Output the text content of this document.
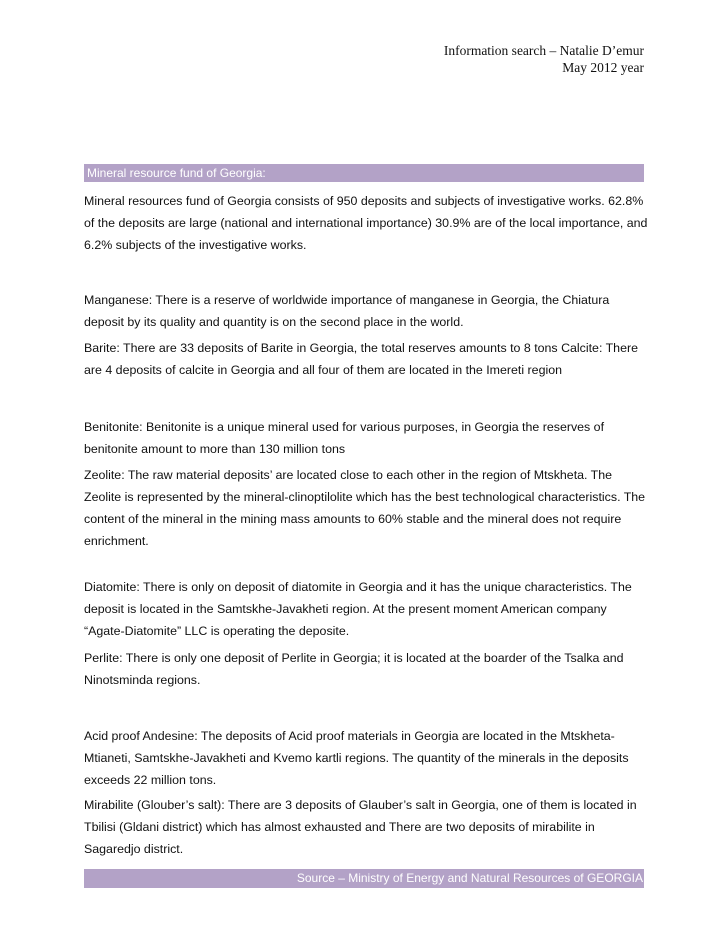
Information search – Natalie D’emur
May 2012 year
Mineral resource fund of Georgia:

Mineral resources fund of Georgia consists of 950 deposits and subjects of investigative works. 62.8% of the deposits are large (national and international importance) 30.9% are of the local importance, and 6.2% subjects of the investigative works.

Manganese: There is a reserve of worldwide importance of manganese in Georgia, the Chiatura deposit by its quality and quantity is on the second place in the world.

Barite: There are 33 deposits of Barite in Georgia, the total reserves amounts to 8 tons Calcite: There are 4 deposits of calcite in Georgia and all four of them are located in the Imereti region

Benitonite: Benitonite is a unique mineral used for various purposes, in Georgia the reserves of benitonite amount to more than 130 million tons

Zeolite: The raw material deposits’ are located close to each other in the region of Mtskheta. The Zeolite is represented by the mineral-clinoptilolite which has the best technological characteristics. The content of the mineral in the mining mass amounts to 60% stable and the mineral does not require enrichment.

Diatomite: There is only on deposit of diatomite in Georgia and it has the unique characteristics. The deposit is located in the Samtskhe-Javakheti region. At the present moment American company “Agate-Diatomite” LLC is operating the deposite.

Perlite: There is only one deposit of Perlite in Georgia; it is located at the boarder of the Tsalka and Ninotsminda regions.

Acid proof Andesine: The deposits of Acid proof materials in Georgia are located in the Mtskheta-Mtianeti, Samtskhe-Javakheti and Kvemo kartli regions. The quantity of the minerals in the deposits exceeds 22 million tons.

Mirabilite (Glouber’s salt): There are 3 deposits of Glauber’s salt in Georgia, one of them is located in Tbilisi (Gldani district) which has almost exhausted and There are two deposits of mirabilite in Sagaredjo district.

Source – Ministry of Energy and Natural Resources of GEORGIA
